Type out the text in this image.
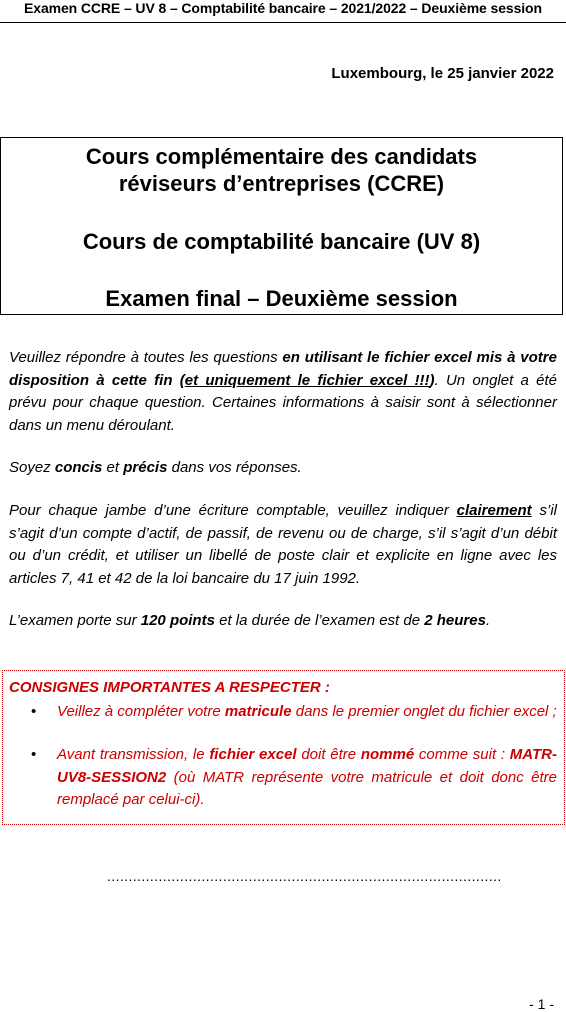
Examen CCRE – UV 8 – Comptabilité bancaire – 2021/2022 – Deuxième session
Luxembourg, le 25 janvier 2022
Cours complémentaire des candidats
réviseurs d’entreprises (CCRE)
Cours de comptabilité bancaire (UV 8)
Examen final – Deuxième session
Veuillez répondre à toutes les questions en utilisant le fichier excel mis à votre disposition à cette fin (et uniquement le fichier excel !!!). Un onglet a été prévu pour chaque question. Certaines informations à saisir sont à sélectionner dans un menu déroulant.
Soyez concis et précis dans vos réponses.
Pour chaque jambe d’une écriture comptable, veuillez indiquer clairement s’il s’agit d’un compte d’actif, de passif, de revenu ou de charge, s’il s’agit d’un débit ou d’un crédit, et utiliser un libellé de poste clair et explicite en ligne avec les articles 7, 41 et 42 de la loi bancaire du 17 juin 1992.
L’examen porte sur 120 points et la durée de l’examen est de 2 heures.
CONSIGNES IMPORTANTES A RESPECTER :
• Veillez à compléter votre matricule dans le premier onglet du fichier excel ;
• Avant transmission, le fichier excel doit être nommé comme suit : MATR-UV8-SESSION2 (où MATR représente votre matricule et doit donc être remplacé par celui-ci).
............................................................................................
- 1 -
